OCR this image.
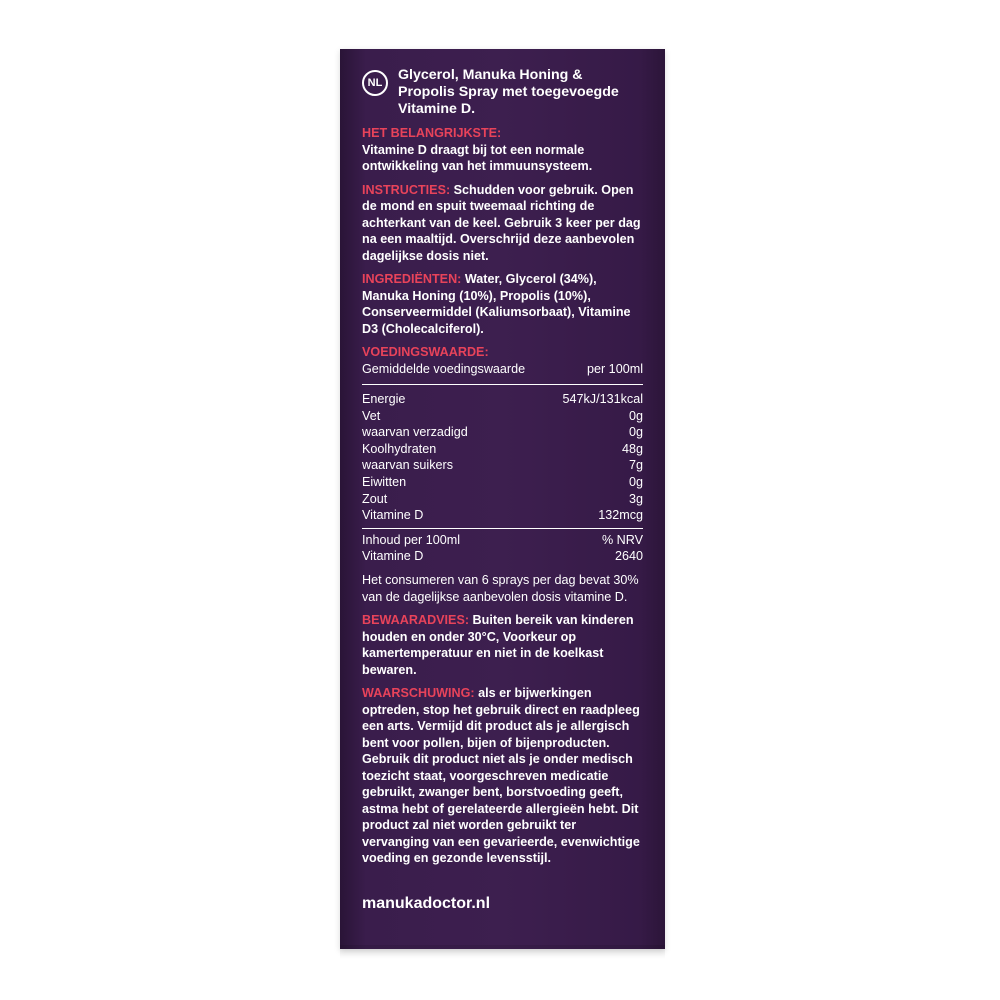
NL	Glycerol, Manuka Honing & Propolis Spray met toegevoegde Vitamine D.
HET BELANGRIJKSTE:
Vitamine D draagt bij tot een normale ontwikkeling van het immuunsysteem.
INSTRUCTIES: Schudden voor gebruik. Open de mond en spuit tweemaal richting de achterkant van de keel. Gebruik 3 keer per dag na een maaltijd. Overschrijd deze aanbevolen dagelijkse dosis niet.
INGREDIËNTEN: Water, Glycerol (34%), Manuka Honing (10%), Propolis (10%), Conserveermiddel (Kaliumsorbaat), Vitamine D3 (Cholecalciferol).
VOEDINGSWAARDE:
Gemiddelde voedingswaarde	per 100ml
Energie	547kJ/131kcal
Vet	0g
waarvan verzadigd	0g
Koolhydraten	48g
waarvan suikers	7g
Eiwitten	0g
Zout	3g
Vitamine D	132mcg
Inhoud per 100ml	% NRV
Vitamine D	2640
Het consumeren van 6 sprays per dag bevat 30% van de dagelijkse aanbevolen dosis vitamine D.
BEWAARADVIES: Buiten bereik van kinderen houden en onder 30°C, Voorkeur op kamertemperatuur en niet in de koelkast bewaren.
WAARSCHUWING: als er bijwerkingen optreden, stop het gebruik direct en raadpleeg een arts. Vermijd dit product als je allergisch bent voor pollen, bijen of bijenproducten. Gebruik dit product niet als je onder medisch toezicht staat, voorgeschreven medicatie gebruikt, zwanger bent, borstvoeding geeft, astma hebt of gerelateerde allergieën hebt. Dit product zal niet worden gebruikt ter vervanging van een gevarieerde, evenwichtige voeding en gezonde levensstijl.
manukadoctor.nl
